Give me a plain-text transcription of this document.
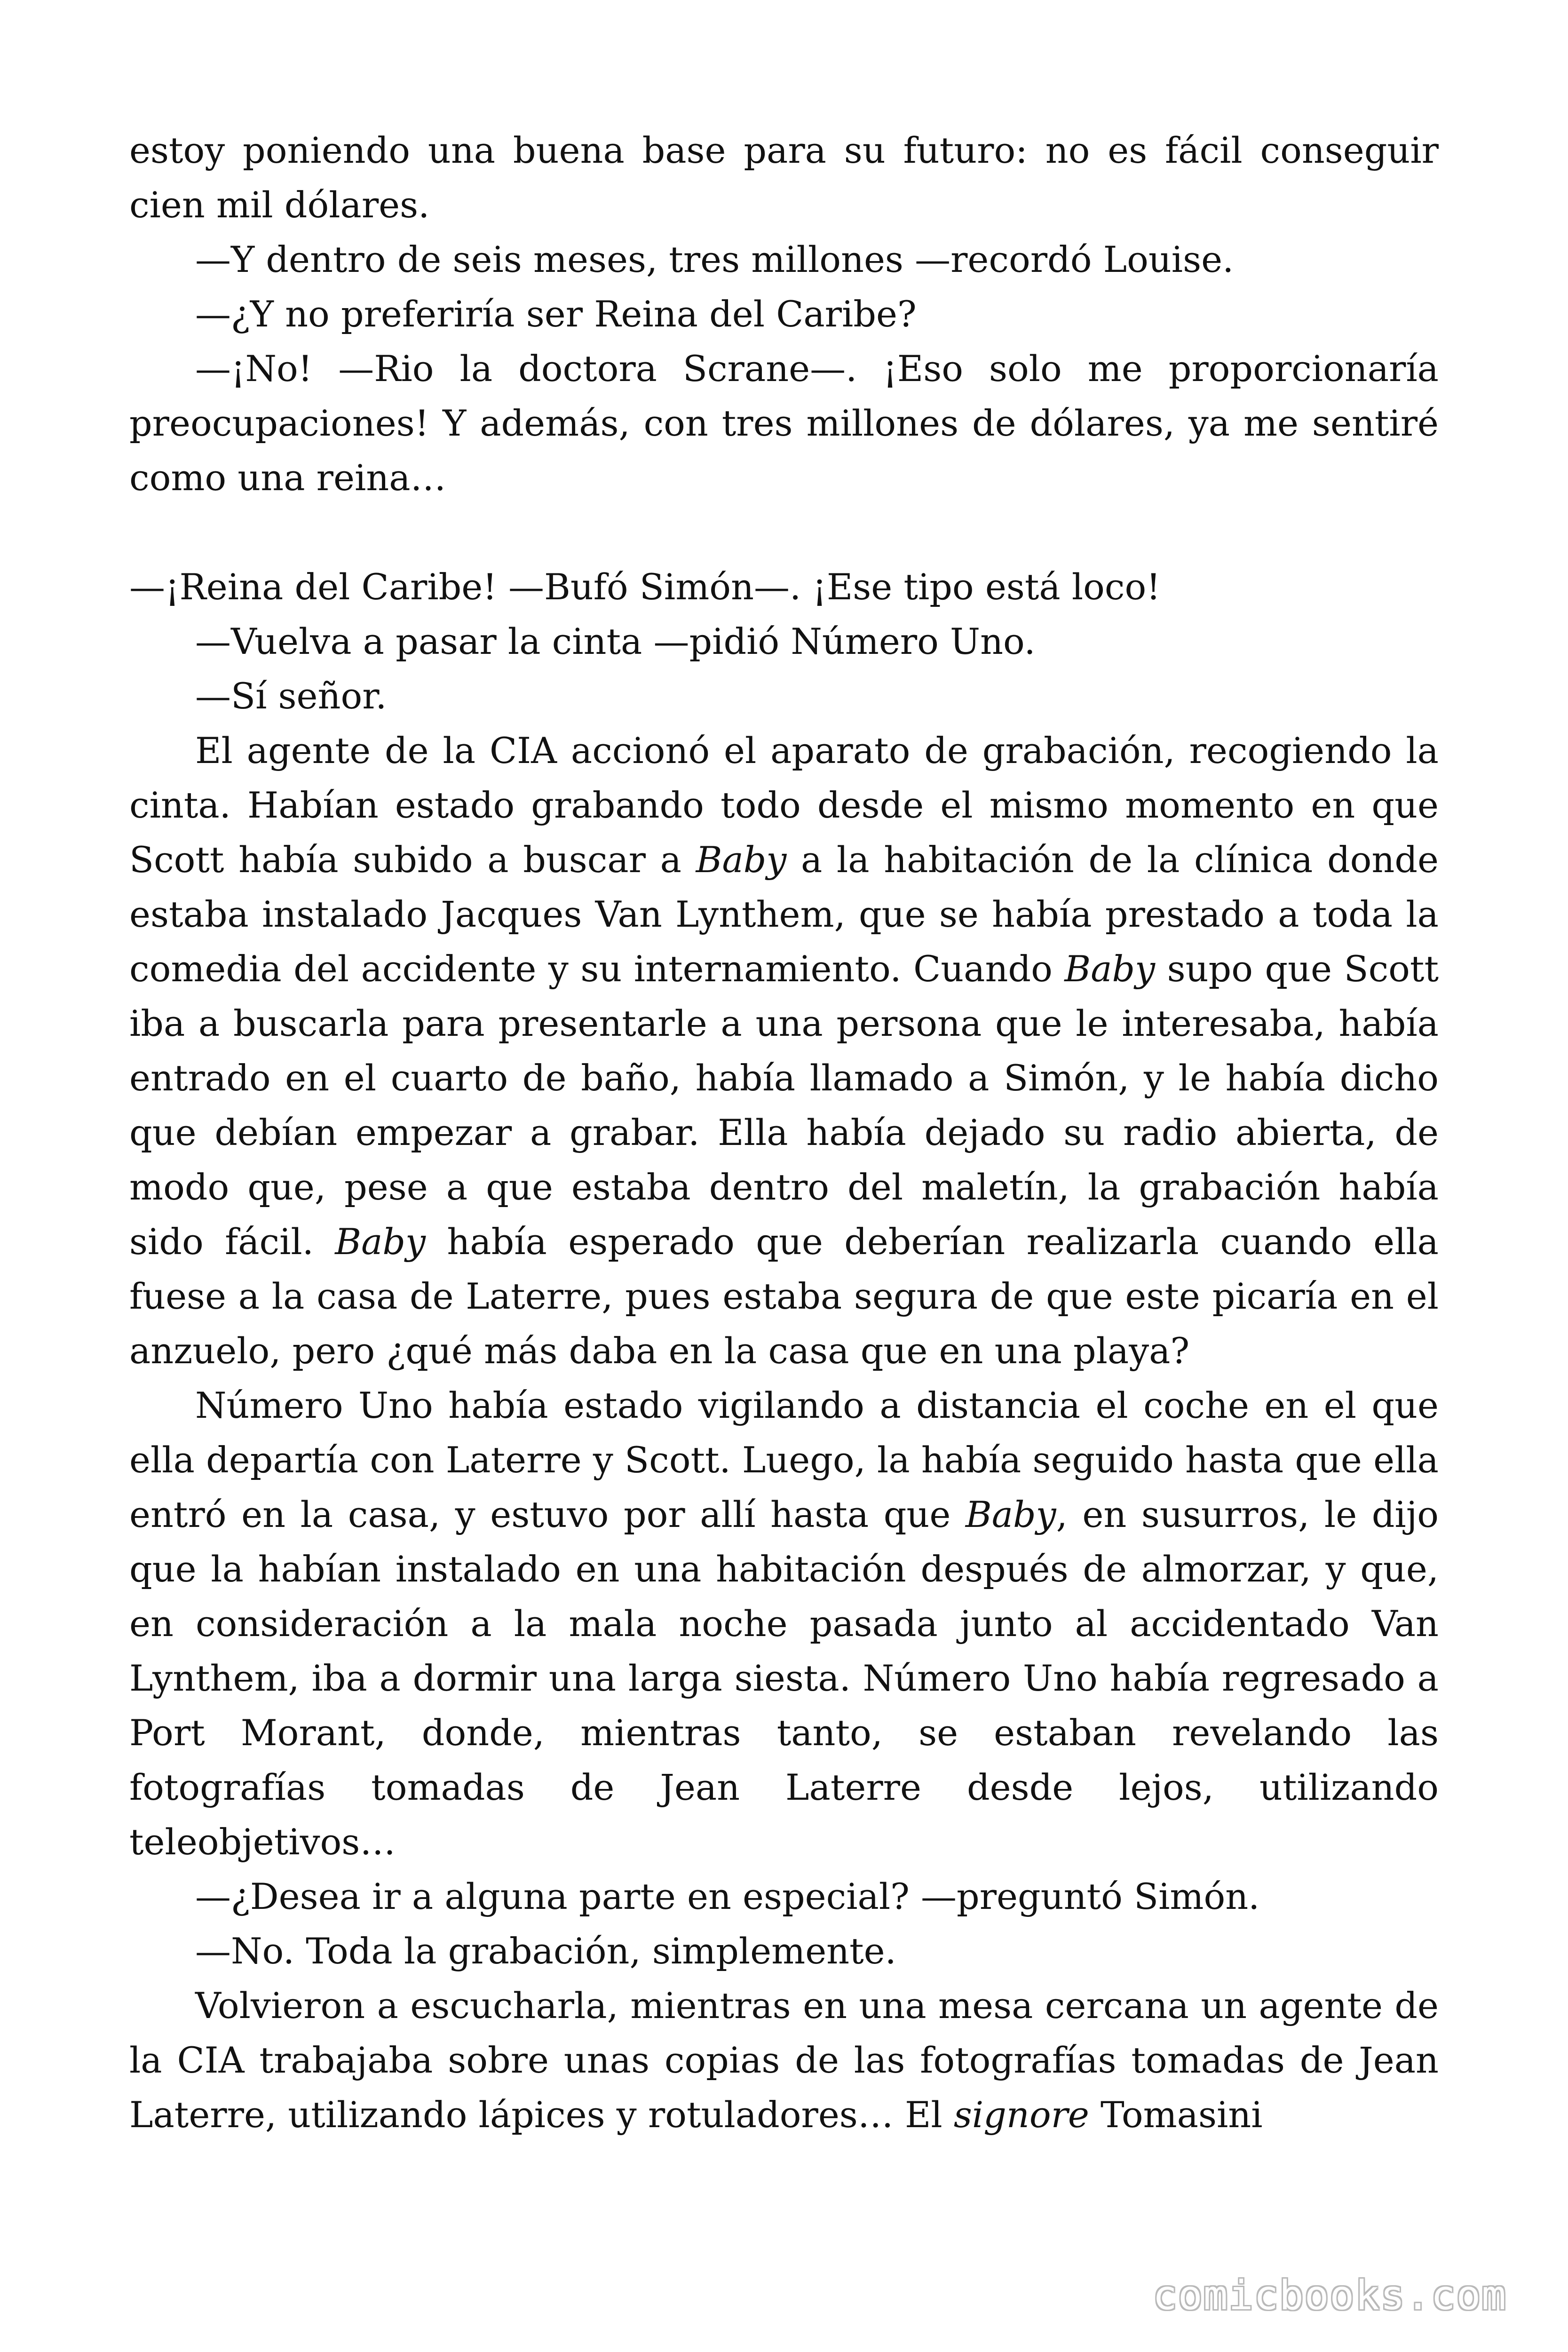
estoy poniendo una buena base para su futuro: no es fácil conseguir cien mil dólares.

—Y dentro de seis meses, tres millones —recordó Louise.

—¿Y no preferiría ser Reina del Caribe?

—¡No! —Rio la doctora Scrane—. ¡Eso solo me proporcionaría preocupaciones! Y además, con tres millones de dólares, ya me sentiré como una reina…

—¡Reina del Caribe! —Bufó Simón—. ¡Ese tipo está loco!

—Vuelva a pasar la cinta —pidió Número Uno.

—Sí señor.

El agente de la CIA accionó el aparato de grabación, recogiendo la cinta. Habían estado grabando todo desde el mismo momento en que Scott había subido a buscar a Baby a la habitación de la clínica donde estaba instalado Jacques Van Lynthem, que se había prestado a toda la comedia del accidente y su internamiento. Cuando Baby supo que Scott iba a buscarla para presentarle a una persona que le interesaba, había entrado en el cuarto de baño, había llamado a Simón, y le había dicho que debían empezar a grabar. Ella había dejado su radio abierta, de modo que, pese a que estaba dentro del maletín, la grabación había sido fácil. Baby había esperado que deberían realizarla cuando ella fuese a la casa de Laterre, pues estaba segura de que este picaría en el anzuelo, pero ¿qué más daba en la casa que en una playa?

Número Uno había estado vigilando a distancia el coche en el que ella departía con Laterre y Scott. Luego, la había seguido hasta que ella entró en la casa, y estuvo por allí hasta que Baby, en susurros, le dijo que la habían instalado en una habitación después de almorzar, y que, en consideración a la mala noche pasada junto al accidentado Van Lynthem, iba a dormir una larga siesta. Número Uno había regresado a Port Morant, donde, mientras tanto, se estaban revelando las fotografías tomadas de Jean Laterre desde lejos, utilizando teleobjetivos…

—¿Desea ir a alguna parte en especial? —preguntó Simón.

—No. Toda la grabación, simplemente.

Volvieron a escucharla, mientras en una mesa cercana un agente de la CIA trabajaba sobre unas copias de las fotografías tomadas de Jean Laterre, utilizando lápices y rotuladores… El signore Tomasini

comicbooks.com
